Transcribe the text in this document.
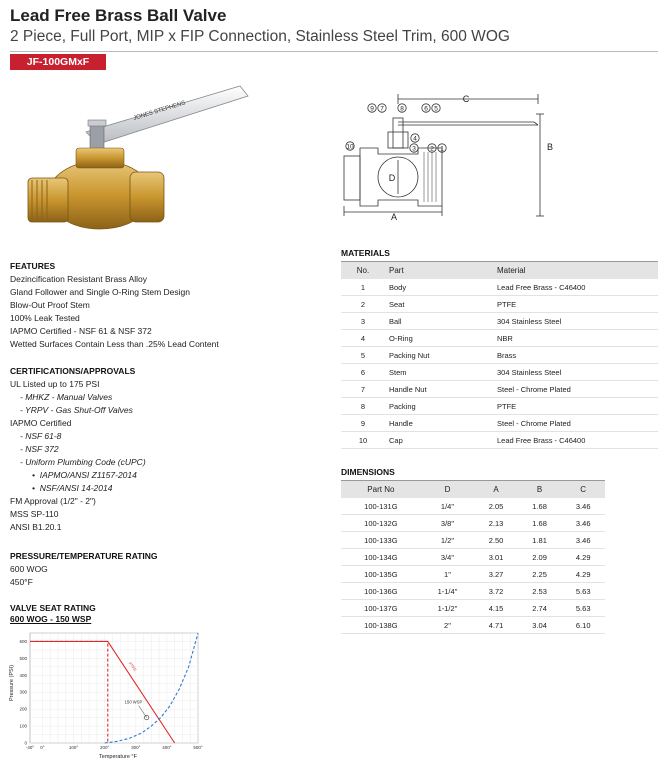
Lead Free Brass Ball Valve
2 Piece, Full Port, MIP x FIP Connection, Stainless Steel Trim, 600 WOG
JF-100GMxF
JONES STEPHENS	9 7	8	6 5
4
3 2 1
10
C
B
D
A
FEATURES
Dezincification Resistant Brass Alloy
Gland Follower and Single O-Ring Stem Design
Blow-Out Proof Stem
100% Leak Tested
IAPMO Certified - NSF 61 & NSF 372
Wetted Surfaces Contain Less than .25% Lead Content
CERTIFICATIONS/APPROVALS
UL Listed up to 175 PSI
- MHKZ - Manual Valves
- YRPV - Gas Shut-Off Valves
IAPMO Certified
- NSF 61-8
- NSF 372
- Uniform Plumbing Code (cUPC)
•  IAPMO/ANSI Z1157-2014
•  NSF/ANSI 14-2014
FM Approval (1/2" - 2")
MSS SP-110
ANSI B1.20.1
PRESSURE/TEMPERATURE RATING
600 WOG
450°F
VALVE SEAT RATING
600 WOG - 150 WSP
-40° 0°	100°	200°	300°	400°	500°
0
100
200
300
400
500
600
PTFE
150 WSP
Temperature °F
Pressure (PSI)
MATERIALS
No.	Part	Material
1	Body	Lead Free Brass - C46400
2	Seat	PTFE
3	Ball	304 Stainless Steel
4	O-Ring	NBR
5	Packing Nut	Brass
6	Stem	304 Stainless Steel
7	Handle Nut	Steel - Chrome Plated
8	Packing	PTFE
9	Handle	Steel - Chrome Plated
10	Cap	Lead Free Brass - C46400
DIMENSIONS
Part No	D	A	B	C
100-131G	1/4"	2.05	1.68	3.46
100-132G	3/8"	2.13	1.68	3.46
100-133G	1/2"	2.50	1.81	3.46
100-134G	3/4"	3.01	2.09	4.29
100-135G	1"	3.27	2.25	4.29
100-136G	1-1/4"	3.72	2.53	5.63
100-137G	1-1/2"	4.15	2.74	5.63
100-138G	2"	4.71	3.04	6.10
